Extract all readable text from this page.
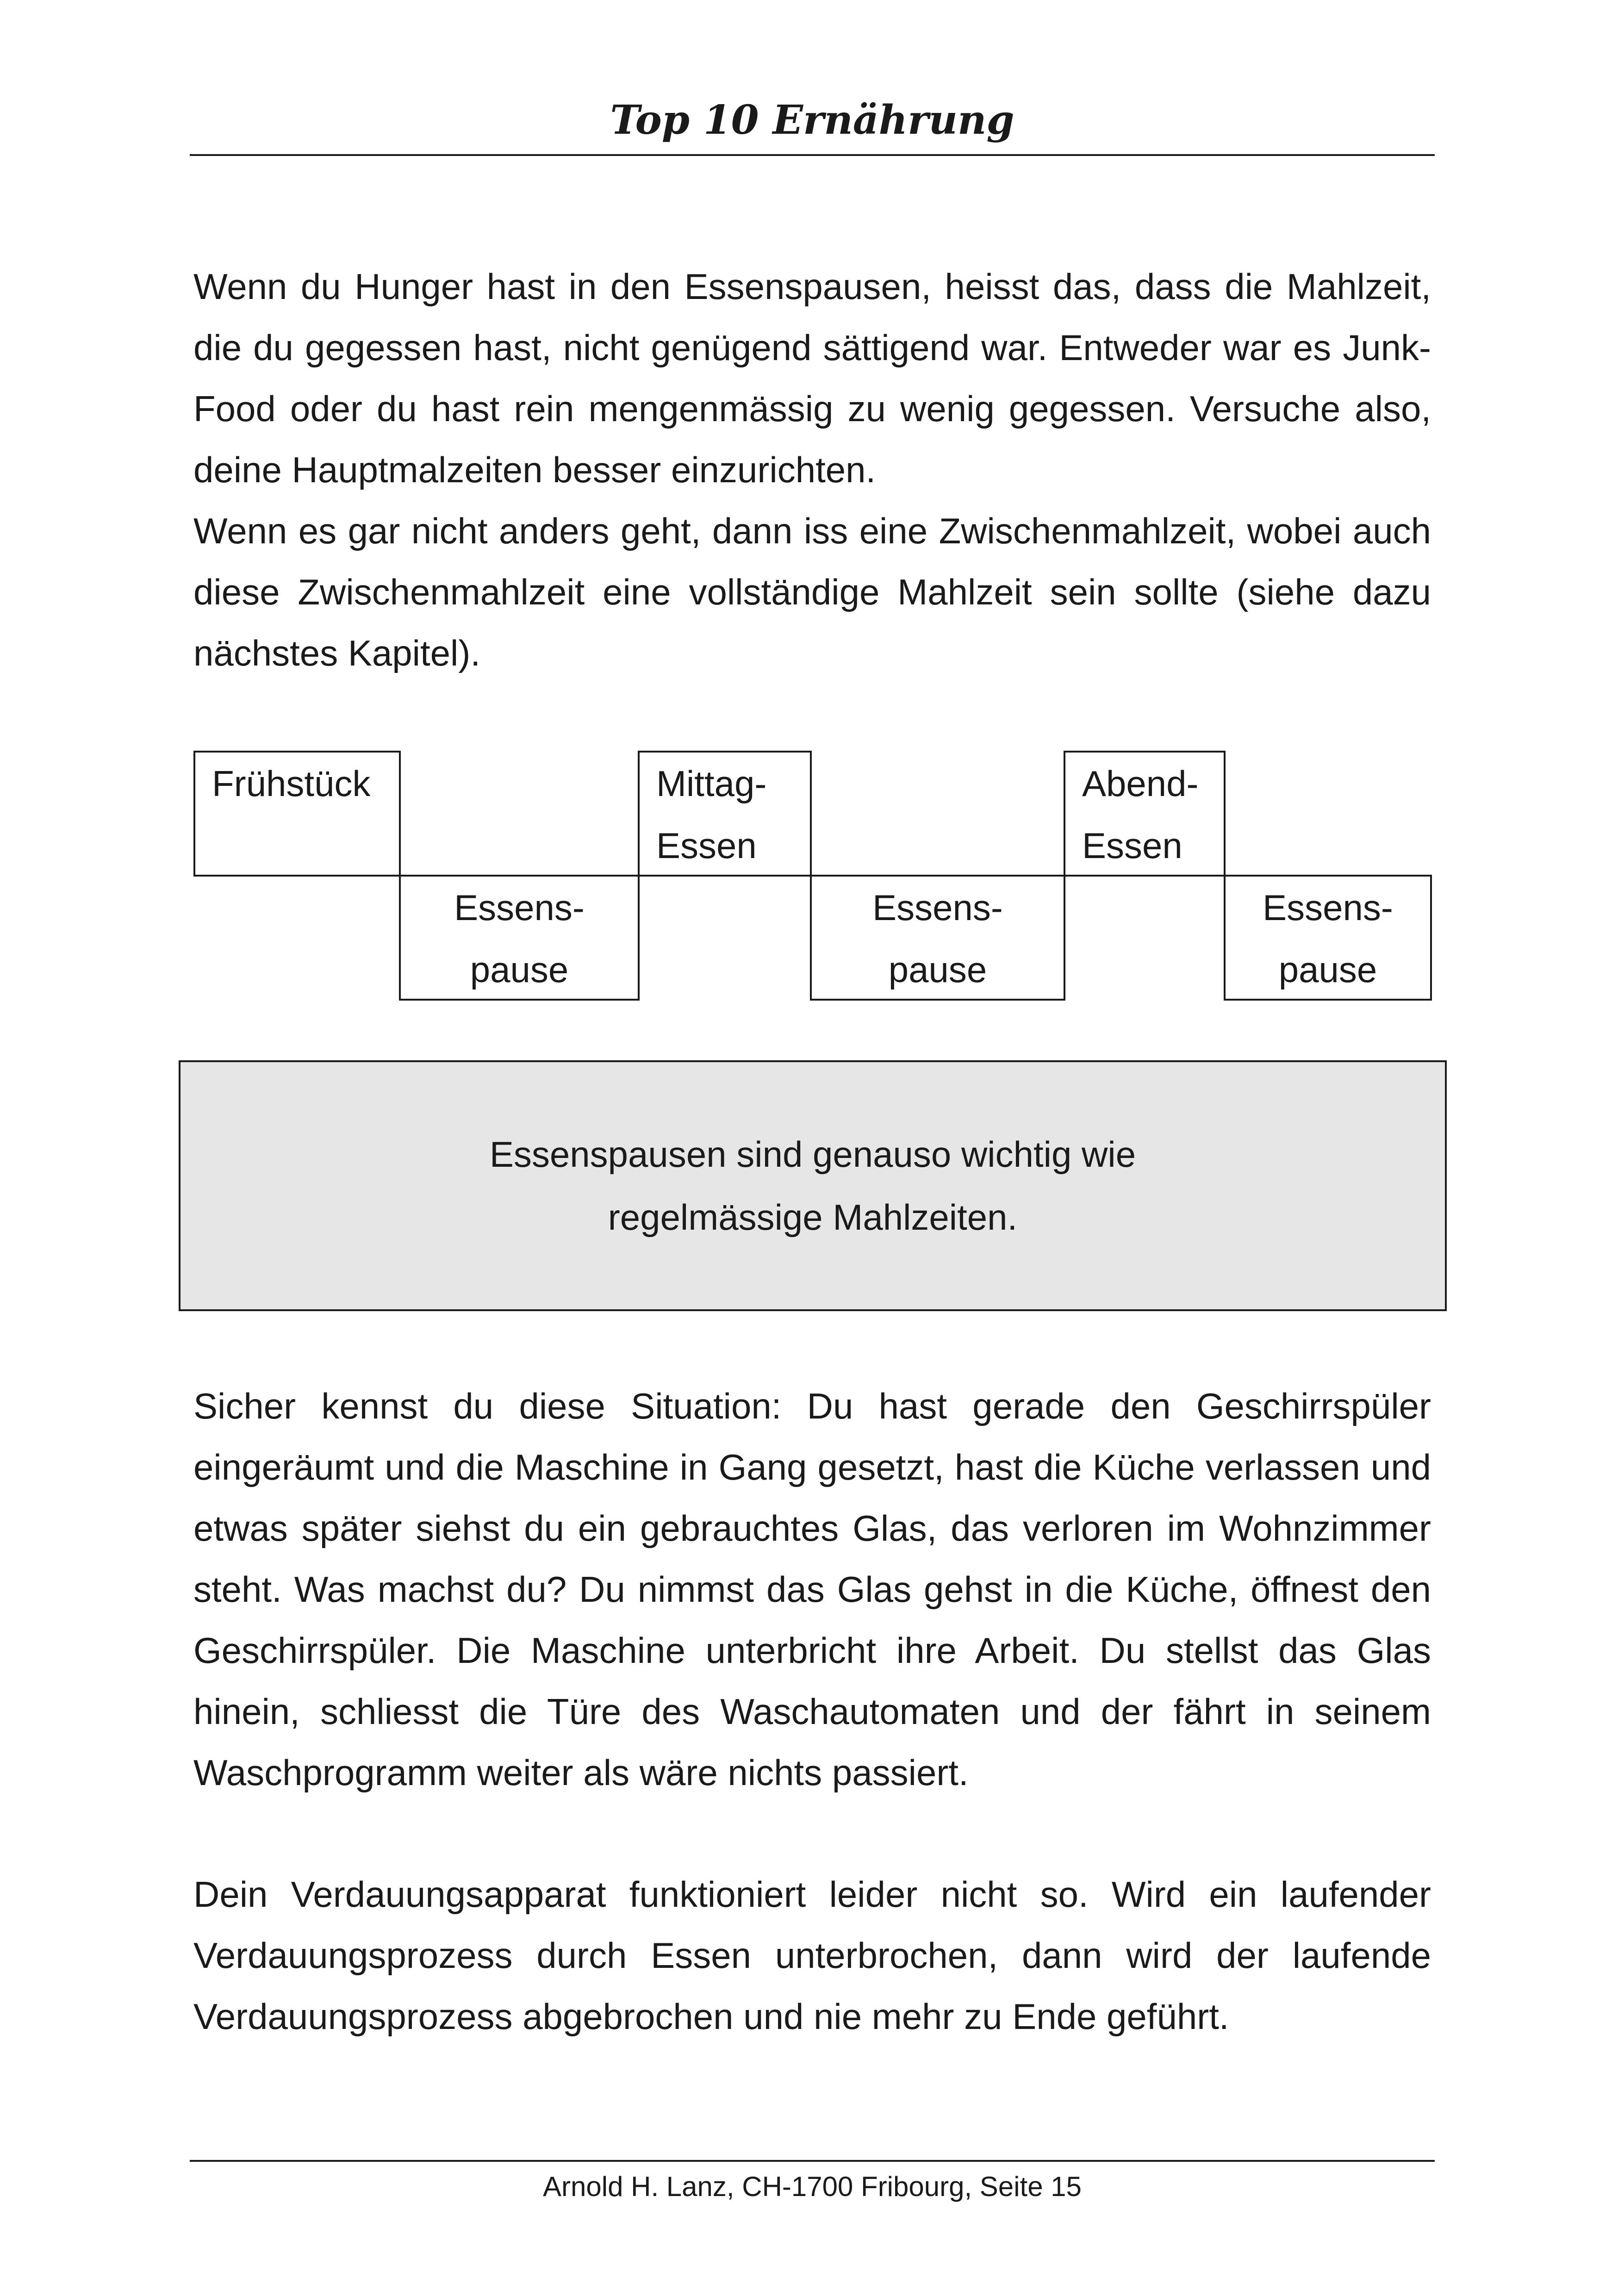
Top 10 Ernährung

Wenn du Hunger hast in den Essenspausen, heisst das, dass die Mahlzeit, die du gegessen hast, nicht genügend sättigend war. Entweder war es Junk-Food oder du hast rein mengenmässig zu wenig gegessen. Versuche also, deine Hauptmalzeiten besser einzurichten.

Wenn es gar nicht anders geht, dann iss eine Zwischenmahlzeit, wobei auch diese Zwischenmahlzeit eine vollständige Mahlzeit sein sollte (siehe dazu nächstes Kapitel).

Frühstück	Mittag-
Essen
Abend-
Essen
Essens-
pause
Essens-
pause
Essens-
pause
Essenspausen sind genauso wichtig wie
regelmässige Mahlzeiten.

Sicher kennst du diese Situation: Du hast gerade den Geschirrspüler eingeräumt und die Maschine in Gang gesetzt, hast die Küche verlassen und etwas später siehst du ein gebrauchtes Glas, das verloren im Wohnzimmer steht. Was machst du? Du nimmst das Glas gehst in die Küche, öffnest den Geschirrspüler. Die Maschine unterbricht ihre Arbeit. Du stellst das Glas hinein, schliesst die Türe des Waschautomaten und der fährt in seinem Waschprogramm weiter als wäre nichts passiert.

Dein Verdauungsapparat funktioniert leider nicht so. Wird ein laufender Verdauungsprozess durch Essen unterbrochen, dann wird der laufende Verdauungsprozess abgebrochen und nie mehr zu Ende geführt.

Arnold H. Lanz, CH-1700 Fribourg, Seite 15
